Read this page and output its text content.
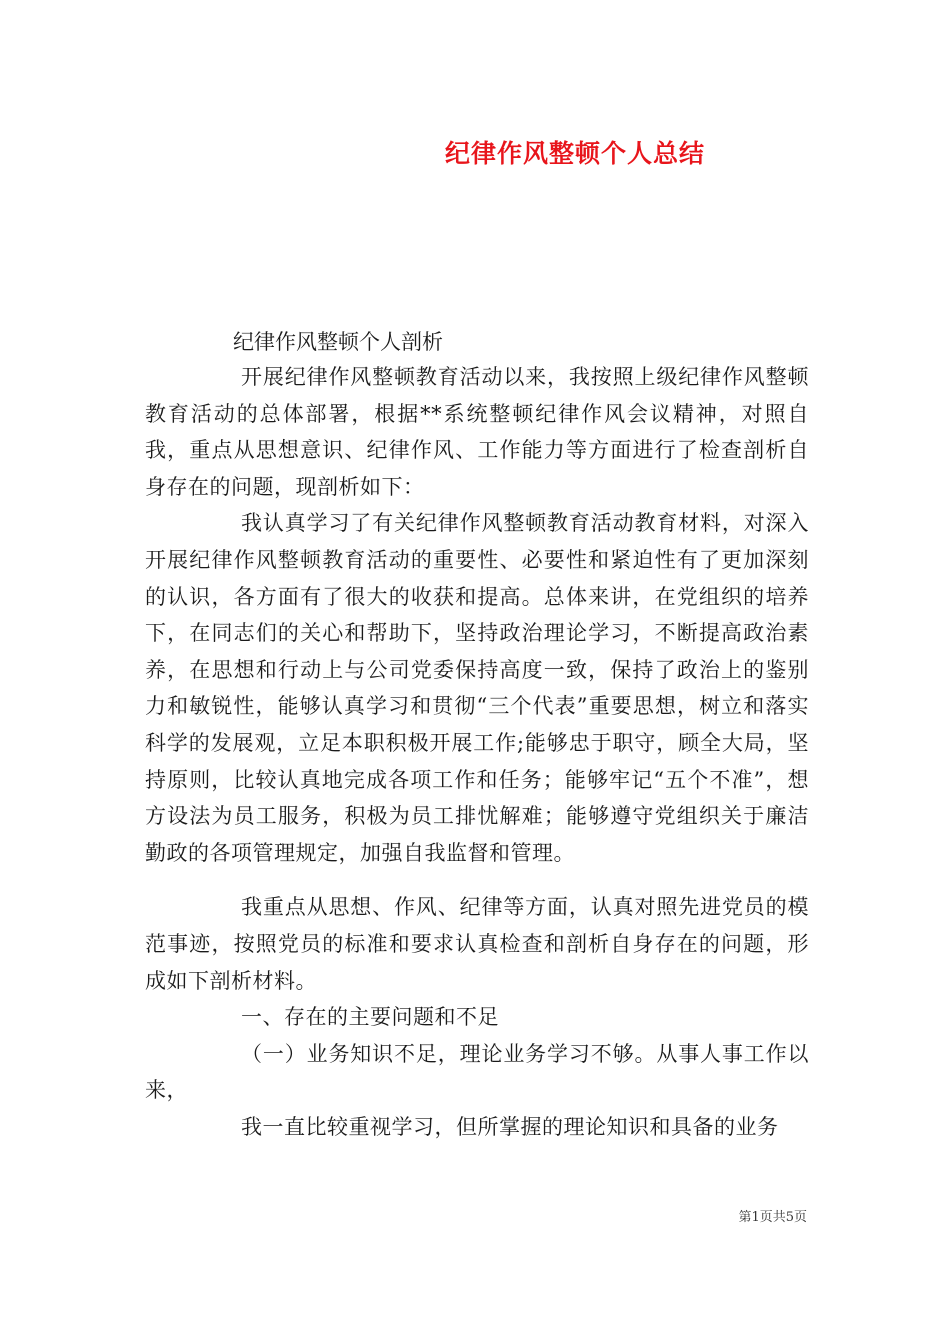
纪律作风整顿个人总结
纪律作风整顿个人剖析

开展纪律作风整顿教育活动以来，我按照上级纪律作风整顿教育活动的总体部署，根据**系统整顿纪律作风会议精神，对照自我，重点从思想意识、纪律作风、工作能力等方面进行了检查剖析自身存在的问题，现剖析如下：

我认真学习了有关纪律作风整顿教育活动教育材料，对深入开展纪律作风整顿教育活动的重要性、必要性和紧迫性有了更加深刻的认识，各方面有了很大的收获和提高。总体来讲，在党组织的培养下，在同志们的关心和帮助下，坚持政治理论学习，不断提高政治素养，在思想和行动上与公司党委保持高度一致，保持了政治上的鉴别力和敏锐性，能够认真学习和贯彻“三个代表”重要思想，树立和落实科学的发展观，立足本职积极开展工作;能够忠于职守，顾全大局，坚持原则，比较认真地完成各项工作和任务；能够牢记“五个不准”，想方设法为员工服务，积极为员工排忧解难；能够遵守党组织关于廉洁勤政的各项管理规定，加强自我监督和管理。

我重点从思想、作风、纪律等方面，认真对照先进党员的模范事迹，按照党员的标准和要求认真检查和剖析自身存在的问题，形成如下剖析材料。

一、存在的主要问题和不足

（一）业务知识不足，理论业务学习不够。从事人事工作以来，

我一直比较重视学习，但所掌握的理论知识和具备的业务

第1页共5页
